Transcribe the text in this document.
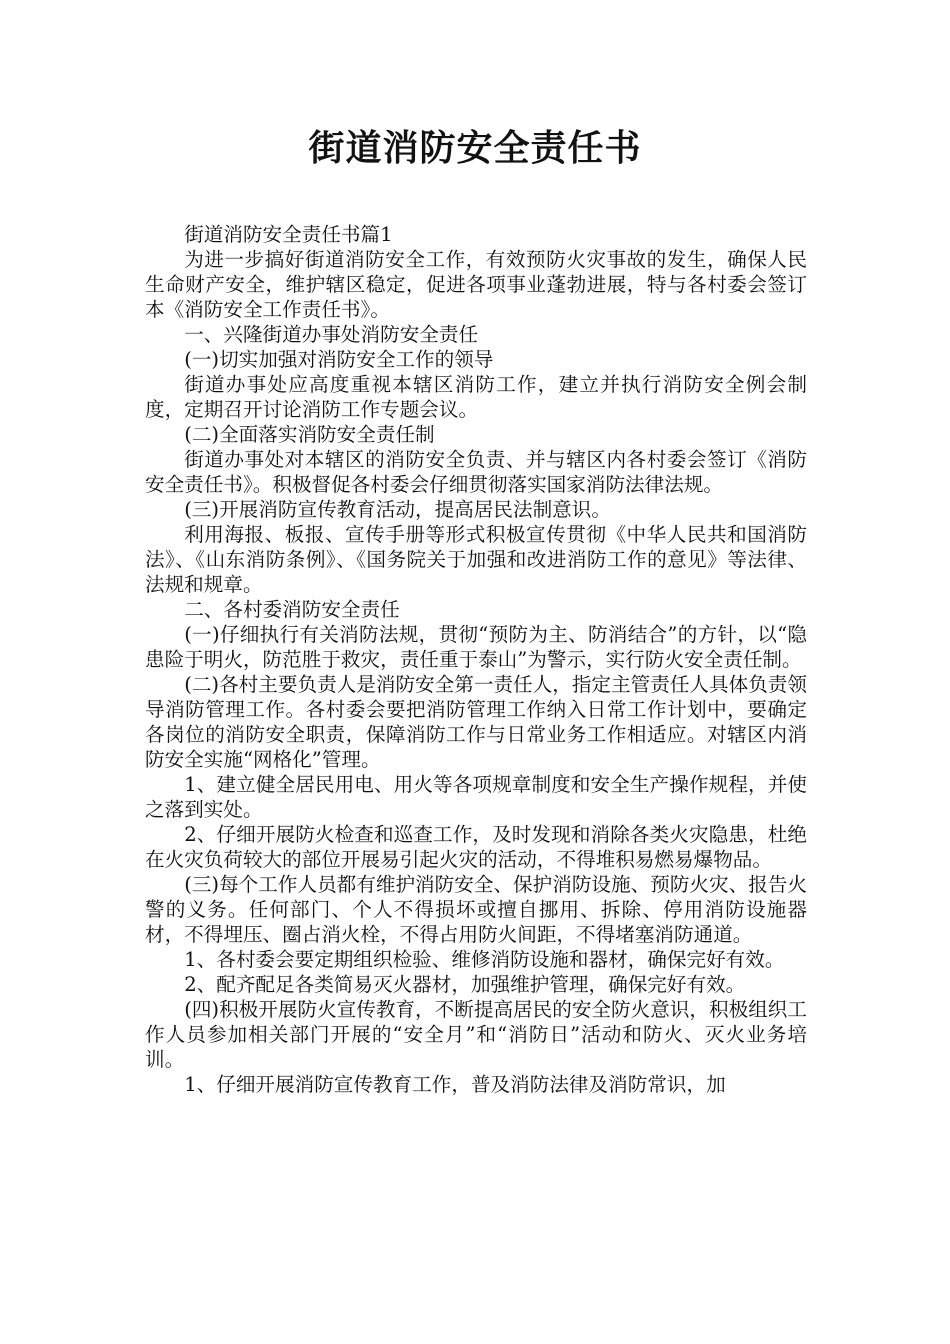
街道消防安全责任书

街道消防安全责任书篇1

为进一步搞好街道消防安全工作，有效预防火灾事故的发生，确保人民生命财产安全，维护辖区稳定，促进各项事业蓬勃进展，特与各村委会签订本《消防安全工作责任书》。

一、兴隆街道办事处消防安全责任

(一)切实加强对消防安全工作的领导

街道办事处应高度重视本辖区消防工作，建立并执行消防安全例会制度，定期召开讨论消防工作专题会议。

(二)全面落实消防安全责任制

街道办事处对本辖区的消防安全负责、并与辖区内各村委会签订《消防安全责任书》。积极督促各村委会仔细贯彻落实国家消防法律法规。

(三)开展消防宣传教育活动，提高居民法制意识。

利用海报、板报、宣传手册等形式积极宣传贯彻《中华人民共和国消防法》、《山东消防条例》、《国务院关于加强和改进消防工作的意见》等法律、法规和规章。

二、各村委消防安全责任

(一)仔细执行有关消防法规，贯彻“预防为主、防消结合”的方针，以“隐患险于明火，防范胜于救灾，责任重于泰山”为警示，实行防火安全责任制。

(二)各村主要负责人是消防安全第一责任人，指定主管责任人具体负责领导消防管理工作。各村委会要把消防管理工作纳入日常工作计划中，要确定各岗位的消防安全职责，保障消防工作与日常业务工作相适应。对辖区内消防安全实施“网格化”管理。

1、建立健全居民用电、用火等各项规章制度和安全生产操作规程，并使之落到实处。

2、仔细开展防火检查和巡查工作，及时发现和消除各类火灾隐患，杜绝在火灾负荷较大的部位开展易引起火灾的活动，不得堆积易燃易爆物品。

(三)每个工作人员都有维护消防安全、保护消防设施、预防火灾、报告火警的义务。任何部门、个人不得损坏或擅自挪用、拆除、停用消防设施器材，不得埋压、圈占消火栓，不得占用防火间距，不得堵塞消防通道。

1、各村委会要定期组织检验、维修消防设施和器材，确保完好有效。

2、配齐配足各类简易灭火器材，加强维护管理，确保完好有效。

(四)积极开展防火宣传教育，不断提高居民的安全防火意识，积极组织工作人员参加相关部门开展的“安全月”和“消防日”活动和防火、灭火业务培训。

1、仔细开展消防宣传教育工作，普及消防法律及消防常识，加
